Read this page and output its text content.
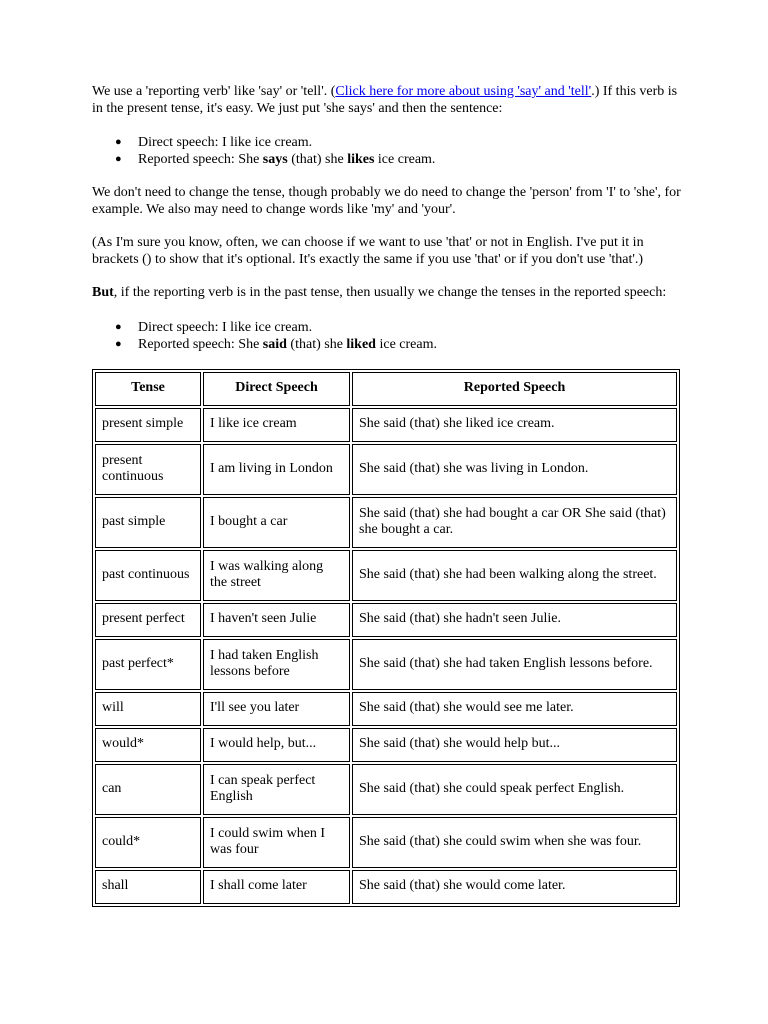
We use a 'reporting verb' like 'say' or 'tell'. (Click here for more about using 'say' and 'tell'.) If this verb is in the present tense, it's easy. We just put 'she says' and then the sentence:

● Direct speech: I like ice cream.
● Reported speech: She says (that) she likes ice cream.

We don't need to change the tense, though probably we do need to change the 'person' from 'I' to 'she', for example. We also may need to change words like 'my' and 'your'.

(As I'm sure you know, often, we can choose if we want to use 'that' or not in English. I've put it in brackets () to show that it's optional. It's exactly the same if you use 'that' or if you don't use 'that'.)

But, if the reporting verb is in the past tense, then usually we change the tenses in the reported speech:

● Direct speech: I like ice cream.
● Reported speech: She said (that) she liked ice cream.
Tense	Direct Speech	Reported Speech
present simple	I like ice cream	She said (that) she liked ice cream.
present continuous	I am living in London	She said (that) she was living in London.
past simple	I bought a car	She said (that) she had bought a car OR She said (that) she bought a car.
past continuous	I was walking along the street	She said (that) she had been walking along the street.
present perfect	I haven't seen Julie	She said (that) she hadn't seen Julie.
past perfect*	I had taken English lessons before	She said (that) she had taken English lessons before.
will	I'll see you later	She said (that) she would see me later.
would*	I would help, but...	She said (that) she would help but...
can	I can speak perfect English	She said (that) she could speak perfect English.
could*	I could swim when I was four	She said (that) she could swim when she was four.
shall	I shall come later	She said (that) she would come later.
